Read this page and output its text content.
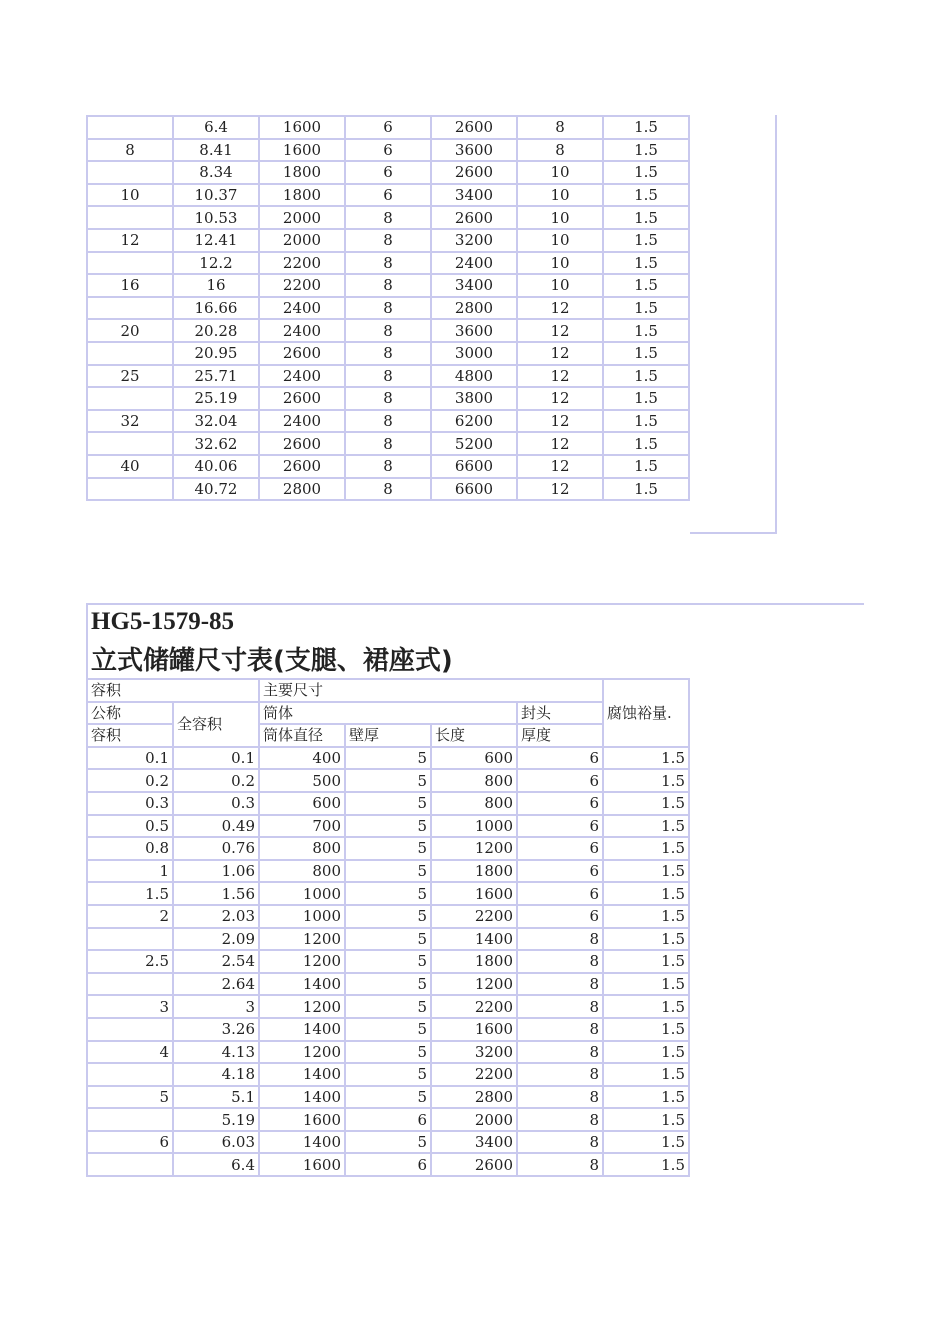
	6.4	1600	6	2600	8	1.5
8	8.41	1600	6	3600	8	1.5
	8.34	1800	6	2600	10	1.5
10	10.37	1800	6	3400	10	1.5
	10.53	2000	8	2600	10	1.5
12	12.41	2000	8	3200	10	1.5
	12.2	2200	8	2400	10	1.5
16	16	2200	8	3400	10	1.5
	16.66	2400	8	2800	12	1.5
20	20.28	2400	8	3600	12	1.5
	20.95	2600	8	3000	12	1.5
25	25.71	2400	8	4800	12	1.5
	25.19	2600	8	3800	12	1.5
32	32.04	2400	8	6200	12	1.5
	32.62	2600	8	5200	12	1.5
40	40.06	2600	8	6600	12	1.5
	40.72	2800	8	6600	12	1.5
HG5-1579-85
立式储罐尺寸表(支腿、裙座式)
容积		主要尺寸				腐蚀裕量.
公称	全容积	筒体			封头	
容积		筒体直径	壁厚	长度	厚度	
0.1	0.1	400	5	600	6	1.5
0.2	0.2	500	5	800	6	1.5
0.3	0.3	600	5	800	6	1.5
0.5	0.49	700	5	1000	6	1.5
0.8	0.76	800	5	1200	6	1.5
1	1.06	800	5	1800	6	1.5
1.5	1.56	1000	5	1600	6	1.5
2	2.03	1000	5	2200	6	1.5
	2.09	1200	5	1400	8	1.5
2.5	2.54	1200	5	1800	8	1.5
	2.64	1400	5	1200	8	1.5
3	3	1200	5	2200	8	1.5
	3.26	1400	5	1600	8	1.5
4	4.13	1200	5	3200	8	1.5
	4.18	1400	5	2200	8	1.5
5	5.1	1400	5	2800	8	1.5
	5.19	1600	6	2000	8	1.5
6	6.03	1400	5	3400	8	1.5
	6.4	1600	6	2600	8	1.5
